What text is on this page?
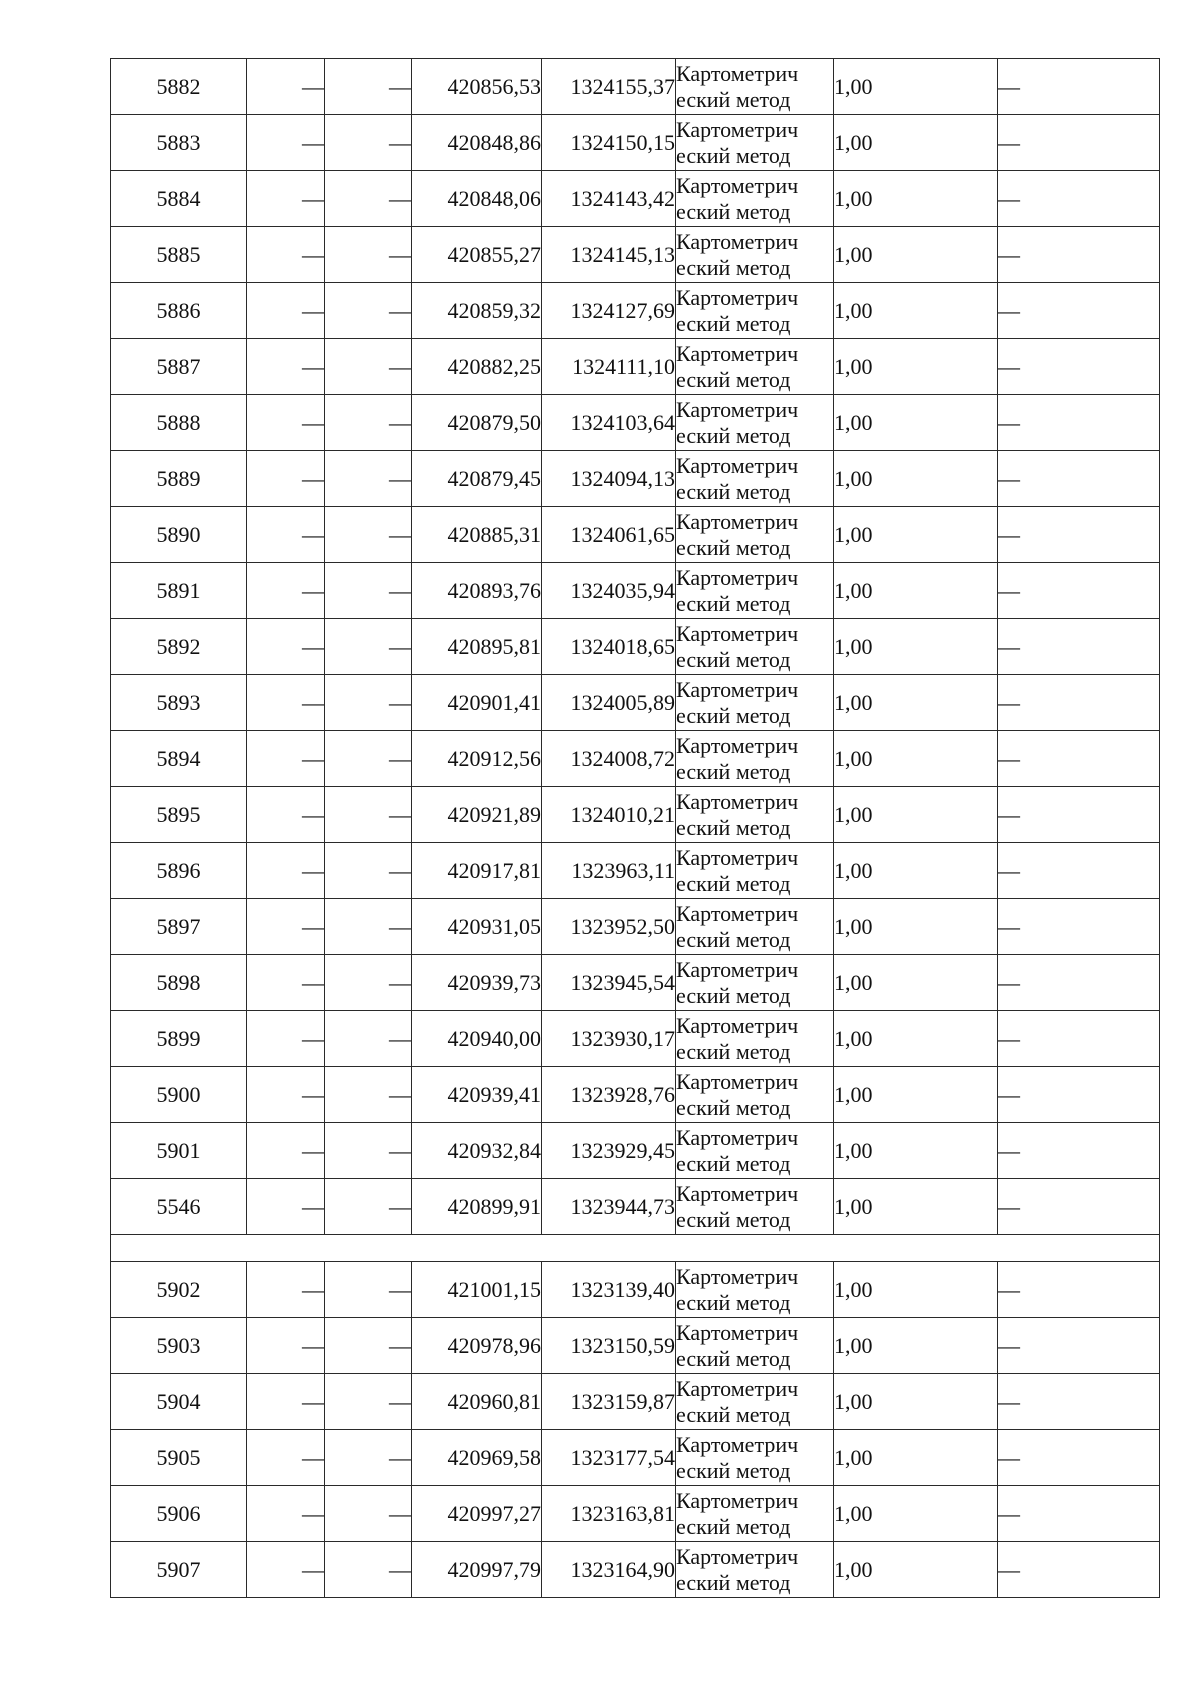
5882	—	—	420856,53	1324155,37	Картометрич
еский метод	1,00	—
5883	—	—	420848,86	1324150,15	Картометрич
еский метод	1,00	—
5884	—	—	420848,06	1324143,42	Картометрич
еский метод	1,00	—
5885	—	—	420855,27	1324145,13	Картометрич
еский метод	1,00	—
5886	—	—	420859,32	1324127,69	Картометрич
еский метод	1,00	—
5887	—	—	420882,25	1324111,10	Картометрич
еский метод	1,00	—
5888	—	—	420879,50	1324103,64	Картометрич
еский метод	1,00	—
5889	—	—	420879,45	1324094,13	Картометрич
еский метод	1,00	—
5890	—	—	420885,31	1324061,65	Картометрич
еский метод	1,00	—
5891	—	—	420893,76	1324035,94	Картометрич
еский метод	1,00	—
5892	—	—	420895,81	1324018,65	Картометрич
еский метод	1,00	—
5893	—	—	420901,41	1324005,89	Картометрич
еский метод	1,00	—
5894	—	—	420912,56	1324008,72	Картометрич
еский метод	1,00	—
5895	—	—	420921,89	1324010,21	Картометрич
еский метод	1,00	—
5896	—	—	420917,81	1323963,11	Картометрич
еский метод	1,00	—
5897	—	—	420931,05	1323952,50	Картометрич
еский метод	1,00	—
5898	—	—	420939,73	1323945,54	Картометрич
еский метод	1,00	—
5899	—	—	420940,00	1323930,17	Картометрич
еский метод	1,00	—
5900	—	—	420939,41	1323928,76	Картометрич
еский метод	1,00	—
5901	—	—	420932,84	1323929,45	Картометрич
еский метод	1,00	—
5546	—	—	420899,91	1323944,73	Картометрич
еский метод	1,00	—

5902	—	—	421001,15	1323139,40	Картометрич
еский метод	1,00	—
5903	—	—	420978,96	1323150,59	Картометрич
еский метод	1,00	—
5904	—	—	420960,81	1323159,87	Картометрич
еский метод	1,00	—
5905	—	—	420969,58	1323177,54	Картометрич
еский метод	1,00	—
5906	—	—	420997,27	1323163,81	Картометрич
еский метод	1,00	—
5907	—	—	420997,79	1323164,90	Картометрич
еский метод	1,00	—
